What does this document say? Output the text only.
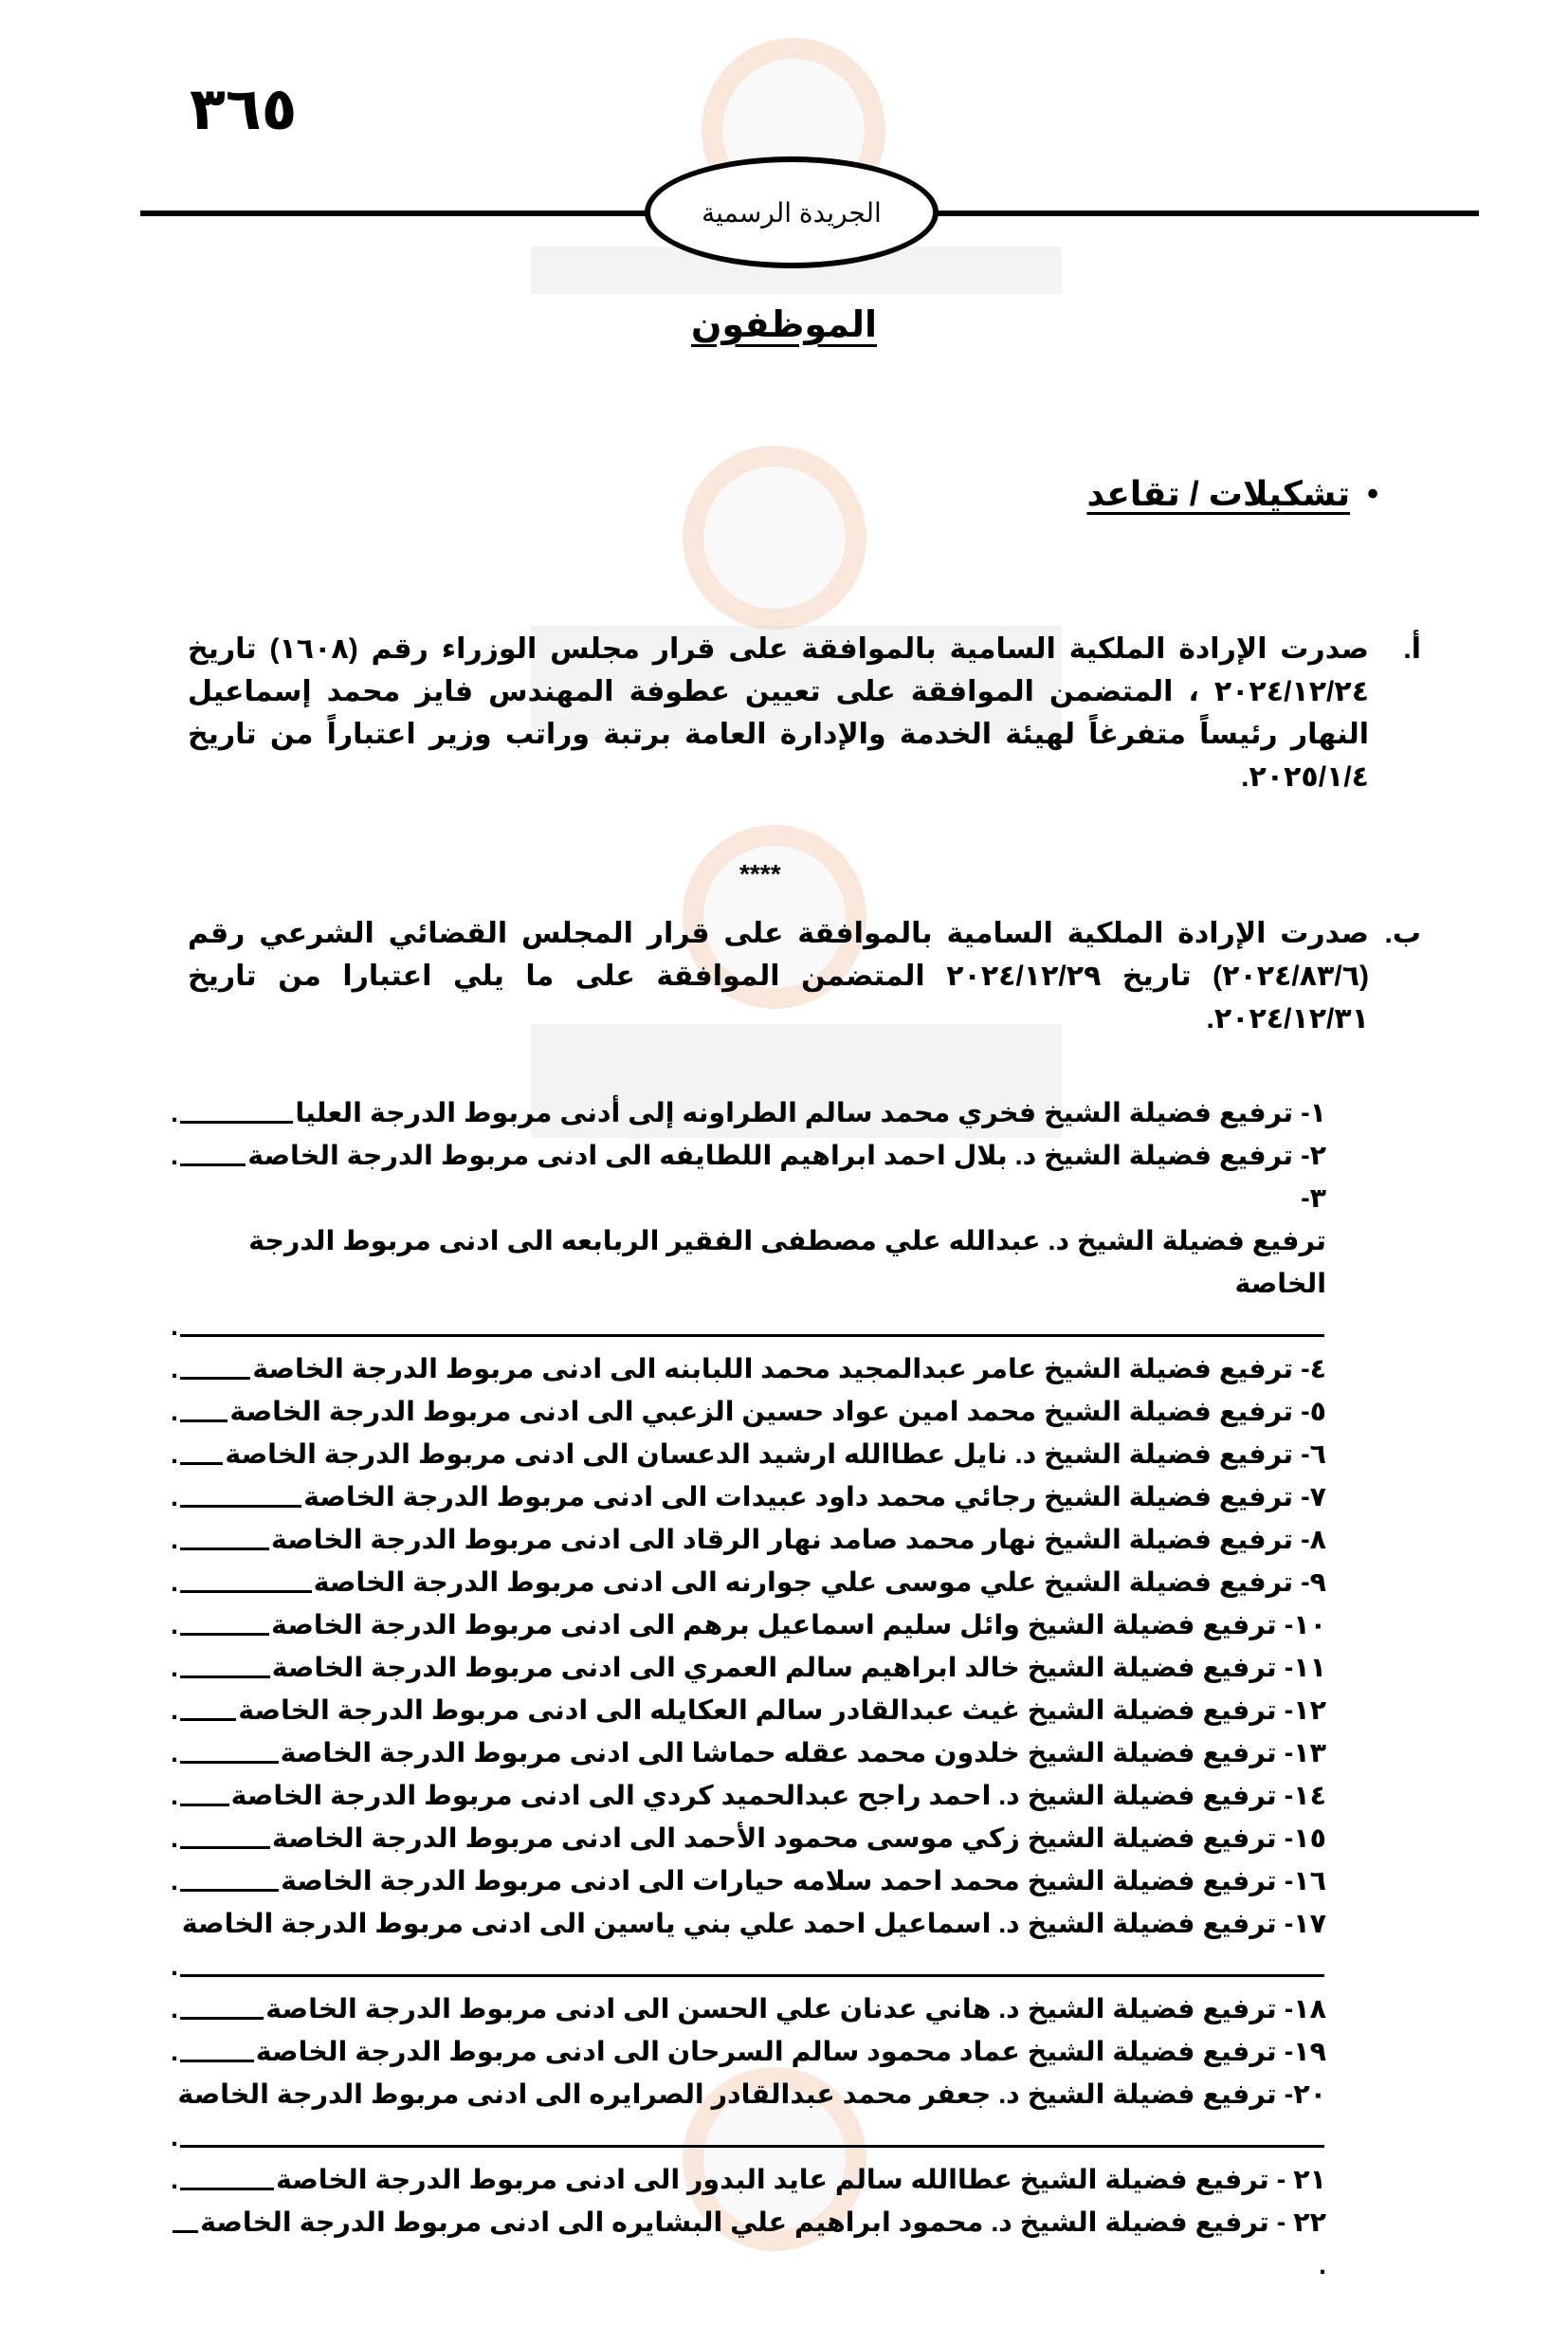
٣٦٥
الجريدة الرسمية
الموظفون
•
تشكيلات / تقاعد
أ.
صدرت الإرادة الملكية السامية بالموافقة على قرار مجلس الوزراء رقم (١٦٠٨) تاريخ ٢٠٢٤/١٢/٢٤ ، المتضمن الموافقة على تعيين عطوفة المهندس فايز محمد إسماعيل النهار رئيساً متفرغاً لهيئة الخدمة والإدارة العامة برتبة وراتب وزير اعتباراً من تاريخ ٢٠٢٥/١/٤.
****
ب.
صدرت الإرادة الملكية السامية بالموافقة على قرار المجلس القضائي الشرعي رقم (٢٠٢٤/٨٣/٦) تاريخ ٢٠٢٤/١٢/٢٩ المتضمن الموافقة على ما يلي اعتبارا من تاريخ ٢٠٢٤/١٢/٣١.
١-
ترفيع فضيلة الشيخ فخري محمد سالم الطراونه إلى أدنى مربوط الدرجة العليا
.
٢-
ترفيع فضيلة الشيخ د. بلال احمد ابراهيم اللطايفه الى ادنى مربوط الدرجة الخاصة
.
٣-
ترفيع فضيلة الشيخ د. عبدالله علي مصطفى الفقير الربابعه الى ادنى مربوط الدرجة الخاصة
.
٤-
ترفيع فضيلة الشيخ عامر عبدالمجيد محمد اللبابنه الى ادنى مربوط الدرجة الخاصة
.
٥-
ترفيع فضيلة الشيخ محمد امين عواد حسين الزعبي الى ادنى مربوط الدرجة الخاصة
.
٦-
ترفيع فضيلة الشيخ د. نايل عطاالله ارشيد الدعسان الى ادنى مربوط الدرجة الخاصة
.
٧-
ترفيع فضيلة الشيخ رجائي محمد داود عبيدات الى ادنى مربوط الدرجة الخاصة
.
٨-
ترفيع فضيلة الشيخ نهار محمد صامد نهار الرقاد الى ادنى مربوط الدرجة الخاصة
.
٩-
ترفيع فضيلة الشيخ علي موسى علي جوارنه الى ادنى مربوط الدرجة الخاصة
.
١٠-
ترفيع فضيلة الشيخ وائل سليم اسماعيل برهم الى ادنى مربوط الدرجة الخاصة
.
١١-
ترفيع فضيلة الشيخ خالد ابراهيم سالم العمري الى ادنى مربوط الدرجة الخاصة
.
١٢-
ترفيع فضيلة الشيخ غيث عبدالقادر سالم العكايله الى ادنى مربوط الدرجة الخاصة
.
١٣-
ترفيع فضيلة الشيخ خلدون محمد عقله حماشا الى ادنى مربوط الدرجة الخاصة
.
١٤-
ترفيع فضيلة الشيخ د. احمد راجح عبدالحميد كردي الى ادنى مربوط الدرجة الخاصة
.
١٥-
ترفيع فضيلة الشيخ زكي موسى محمود الأحمد الى ادنى مربوط الدرجة الخاصة
.
١٦-
ترفيع فضيلة الشيخ محمد احمد سلامه حيارات الى ادنى مربوط الدرجة الخاصة
.
١٧-
ترفيع فضيلة الشيخ د. اسماعيل احمد علي بني ياسين الى ادنى مربوط الدرجة الخاصة
.
١٨-
ترفيع فضيلة الشيخ د. هاني عدنان علي الحسن الى ادنى مربوط الدرجة الخاصة
.
١٩-
ترفيع فضيلة الشيخ عماد محمود سالم السرحان الى ادنى مربوط الدرجة الخاصة
.
٢٠-
ترفيع فضيلة الشيخ د. جعفر محمد عبدالقادر الصرايره الى ادنى مربوط الدرجة الخاصة
.
٢١ -
ترفيع فضيلة الشيخ عطاالله سالم عايد البدور الى ادنى مربوط الدرجة الخاصة
.
٢٢ -
ترفيع فضيلة الشيخ د. محمود ابراهيم علي البشايره الى ادنى مربوط الدرجة الخاصة
.
